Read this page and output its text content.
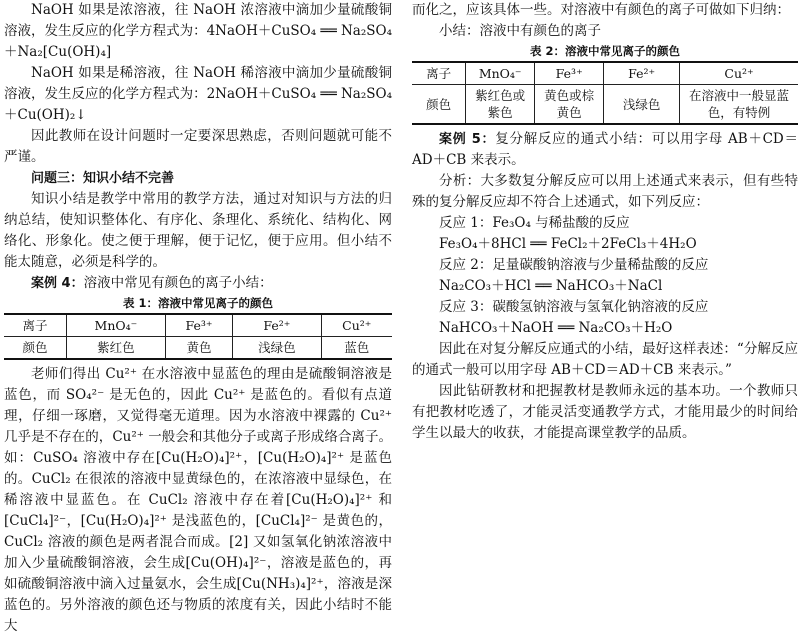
NaOH 如果是浓溶液，往 NaOH 浓溶液中滴加少量硫酸铜溶液，发生反应的化学方程式为：4NaOH＋CuSO₄ ══ Na₂SO₄＋Na₂[Cu(OH)₄]

NaOH 如果是稀溶液，往 NaOH 稀溶液中滴加少量硫酸铜溶液，发生反应的化学方程式为：2NaOH＋CuSO₄ ══ Na₂SO₄＋Cu(OH)₂↓

因此教师在设计问题时一定要深思熟虑，否则问题就可能不严谨。

问题三：知识小结不完善

知识小结是教学中常用的教学方法，通过对知识与方法的归纳总结，使知识整体化、有序化、条理化、系统化、结构化、网络化、形象化。使之便于理解，便于记忆，便于应用。但小结不能太随意，必须是科学的。

案例 4：溶液中常见有颜色的离子小结：

表 1：溶液中常见离子的颜色

离子	MnO₄⁻	Fe³⁺	Fe²⁺	Cu²⁺
颜色	紫红色	黄色	浅绿色	蓝色

老师们得出 Cu²⁺ 在水溶液中显蓝色的理由是硫酸铜溶液是蓝色，而 SO₄²⁻ 是无色的，因此 Cu²⁺ 是蓝色的。看似有点道理，仔细一琢磨，又觉得毫无道理。因为水溶液中裸露的 Cu²⁺ 几乎是不存在的，Cu²⁺ 一般会和其他分子或离子形成络合离子。如：CuSO₄ 溶液中存在[Cu(H₂O)₄]²⁺，[Cu(H₂O)₄]²⁺ 是蓝色的。CuCl₂ 在很浓的溶液中显黄绿色的，在浓溶液中显绿色，在稀溶液中显蓝色。在 CuCl₂ 溶液中存在着[Cu(H₂O)₄]²⁺ 和[CuCl₄]²⁻，[Cu(H₂O)₄]²⁺ 是浅蓝色的，[CuCl₄]²⁻ 是黄色的，CuCl₂ 溶液的颜色是两者混合而成。[2] 又如氢氧化钠浓溶液中加入少量硫酸铜溶液，会生成[Cu(OH)₄]²⁻，溶液是蓝色的，再如硫酸铜溶液中滴入过量氨水，会生成[Cu(NH₃)₄]²⁺，溶液是深蓝色的。另外溶液的颜色还与物质的浓度有关，因此小结时不能大

而化之，应该具体一些。对溶液中有颜色的离子可做如下归纳：

小结：溶液中有颜色的离子

表 2：溶液中常见离子的颜色

离子	MnO₄⁻	Fe³⁺	Fe²⁺	Cu²⁺
颜色	紫红色或紫色	黄色或棕黄色	浅绿色	在溶液中一般显蓝色，有特例

案例 5：复分解反应的通式小结：可以用字母 AB＋CD＝AD＋CB 来表示。

分析：大多数复分解反应可以用上述通式来表示，但有些特殊的复分解反应却不符合上述通式，如下列反应：

反应 1：Fe₃O₄ 与稀盐酸的反应

Fe₃O₄＋8HCl ══ FeCl₂＋2FeCl₃＋4H₂O

反应 2：足量碳酸钠溶液与少量稀盐酸的反应

Na₂CO₃＋HCl ══ NaHCO₃＋NaCl

反应 3：碳酸氢钠溶液与氢氧化钠溶液的反应

NaHCO₃＋NaOH ══ Na₂CO₃＋H₂O

因此在对复分解反应通式的小结，最好这样表述：“分解反应的通式一般可以用字母 AB＋CD＝AD＋CB 来表示。”

因此钻研教材和把握教材是教师永远的基本功。一个教师只有把教材吃透了，才能灵活变通教学方式，才能用最少的时间给学生以最大的收获，才能提高课堂教学的品质。
